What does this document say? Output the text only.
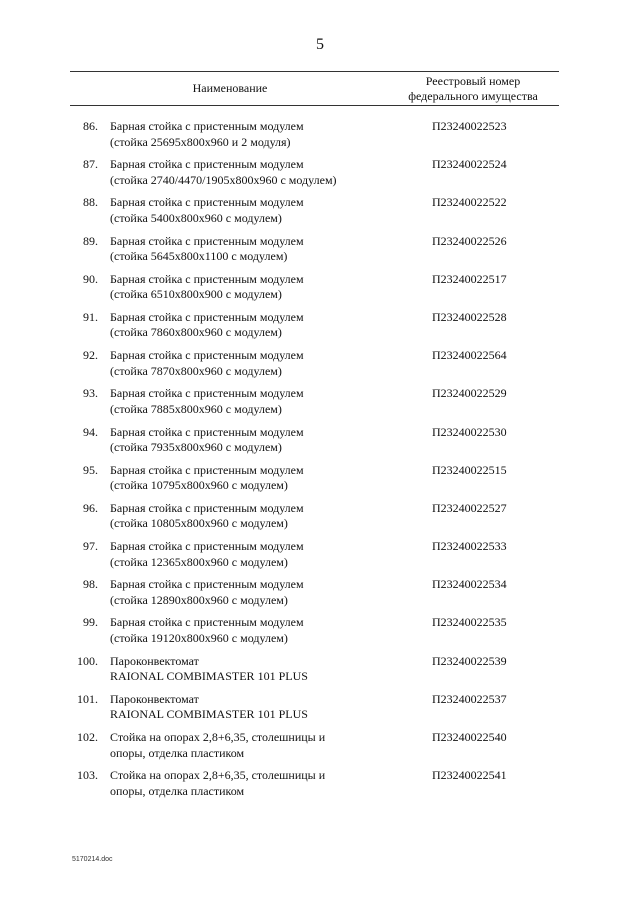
5
Наименование	Реестровый номер
федерального имущества
86. Барная стойка с пристенным модулем
(стойка 25695x800x960 и 2 модуля)
П23240022523
87. Барная стойка с пристенным модулем
(стойка 2740/4470/1905x800x960 с модулем)
П23240022524
88. Барная стойка с пристенным модулем
(стойка 5400x800x960 с модулем)
П23240022522
89. Барная стойка с пристенным модулем
(стойка 5645x800x1100 с модулем)
П23240022526
90. Барная стойка с пристенным модулем
(стойка 6510x800x900 с модулем)
П23240022517
91. Барная стойка с пристенным модулем
(стойка 7860x800x960 с модулем)
П23240022528
92. Барная стойка с пристенным модулем
(стойка 7870x800x960 с модулем)
П23240022564
93. Барная стойка с пристенным модулем
(стойка 7885x800x960 с модулем)
П23240022529
94. Барная стойка с пристенным модулем
(стойка 7935x800x960 с модулем)
П23240022530
95. Барная стойка с пристенным модулем
(стойка 10795x800x960 с модулем)
П23240022515
96. Барная стойка с пристенным модулем
(стойка 10805x800x960 с модулем)
П23240022527
97. Барная стойка с пристенным модулем
(стойка 12365x800x960 с модулем)
П23240022533
98. Барная стойка с пристенным модулем
(стойка 12890x800x960 с модулем)
П23240022534
99. Барная стойка с пристенным модулем
(стойка 19120x800x960 с модулем)
П23240022535
100. Пароконвектомат
RAIONAL COMBIMASTER 101 PLUS
П23240022539
101. Пароконвектомат
RAIONAL COMBIMASTER 101 PLUS
П23240022537
102. Стойка на опорах 2,8+6,35, столешницы и
опоры, отделка пластиком
П23240022540
103. Стойка на опорах 2,8+6,35, столешницы и
опоры, отделка пластиком
П23240022541
5170214.doc
